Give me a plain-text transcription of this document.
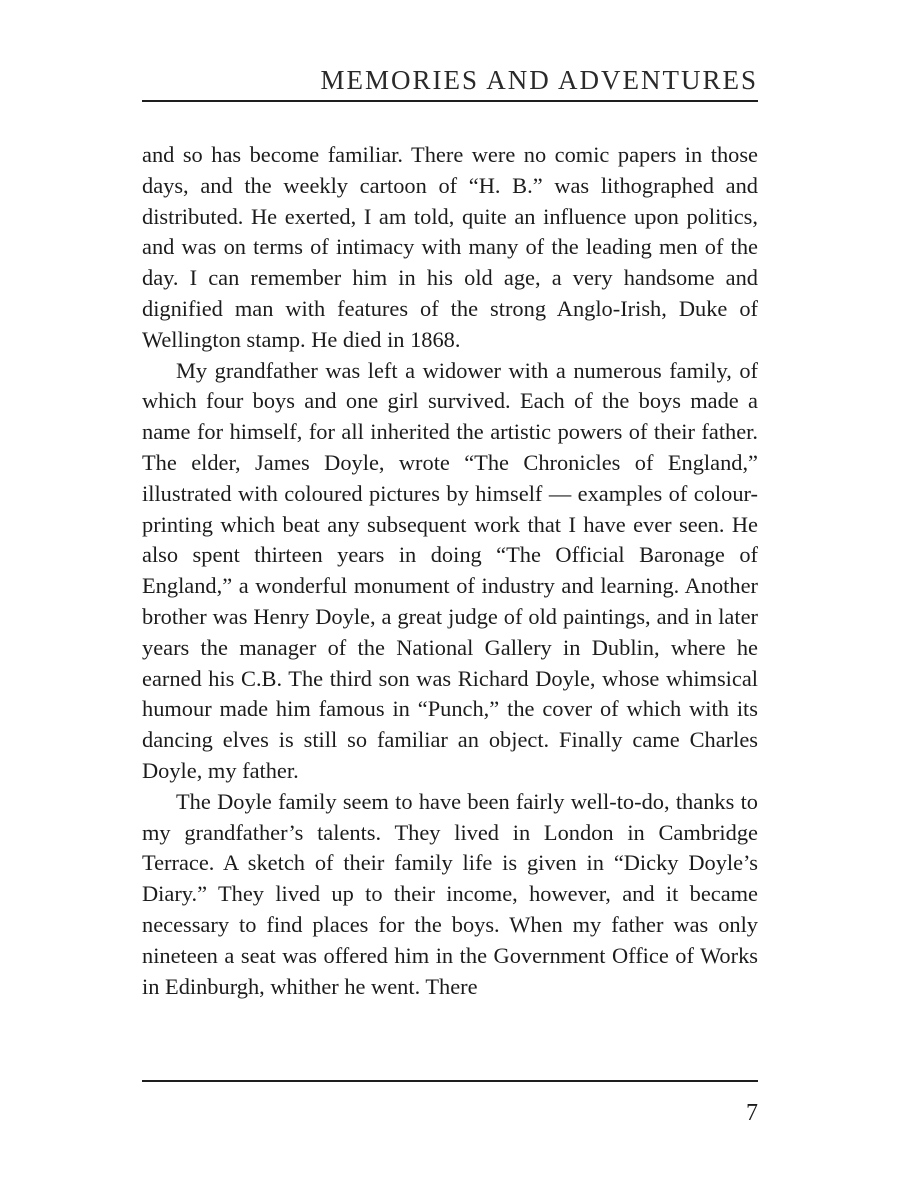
MEMORIES AND ADVENTURES

and so has become familiar. There were no comic papers in those days, and the weekly cartoon of “H. B.” was lithographed and distributed. He exerted, I am told, quite an influence upon politics, and was on terms of intimacy with many of the leading men of the day. I can remember him in his old age, a very handsome and dignified man with features of the strong Anglo-Irish, Duke of Wellington stamp. He died in 1868.

My grandfather was left a widower with a numerous family, of which four boys and one girl survived. Each of the boys made a name for himself, for all inherited the artistic powers of their father. The elder, James Doyle, wrote “The Chronicles of England,” illustrated with coloured pictures by himself — examples of colour-printing which beat any subsequent work that I have ever seen. He also spent thirteen years in doing “The Official Baronage of England,” a wonderful monument of industry and learning. Another brother was Henry Doyle, a great judge of old paintings, and in later years the manager of the National Gallery in Dublin, where he earned his C.B. The third son was Richard Doyle, whose whimsical humour made him famous in “Punch,” the cover of which with its dancing elves is still so familiar an object. Finally came Charles Doyle, my father.

The Doyle family seem to have been fairly well-to-do, thanks to my grandfather’s talents. They lived in London in Cambridge Terrace. A sketch of their family life is given in “Dicky Doyle’s Diary.” They lived up to their income, however, and it became necessary to find places for the boys. When my father was only nineteen a seat was offered him in the Government Office of Works in Edinburgh, whither he went. There

7
